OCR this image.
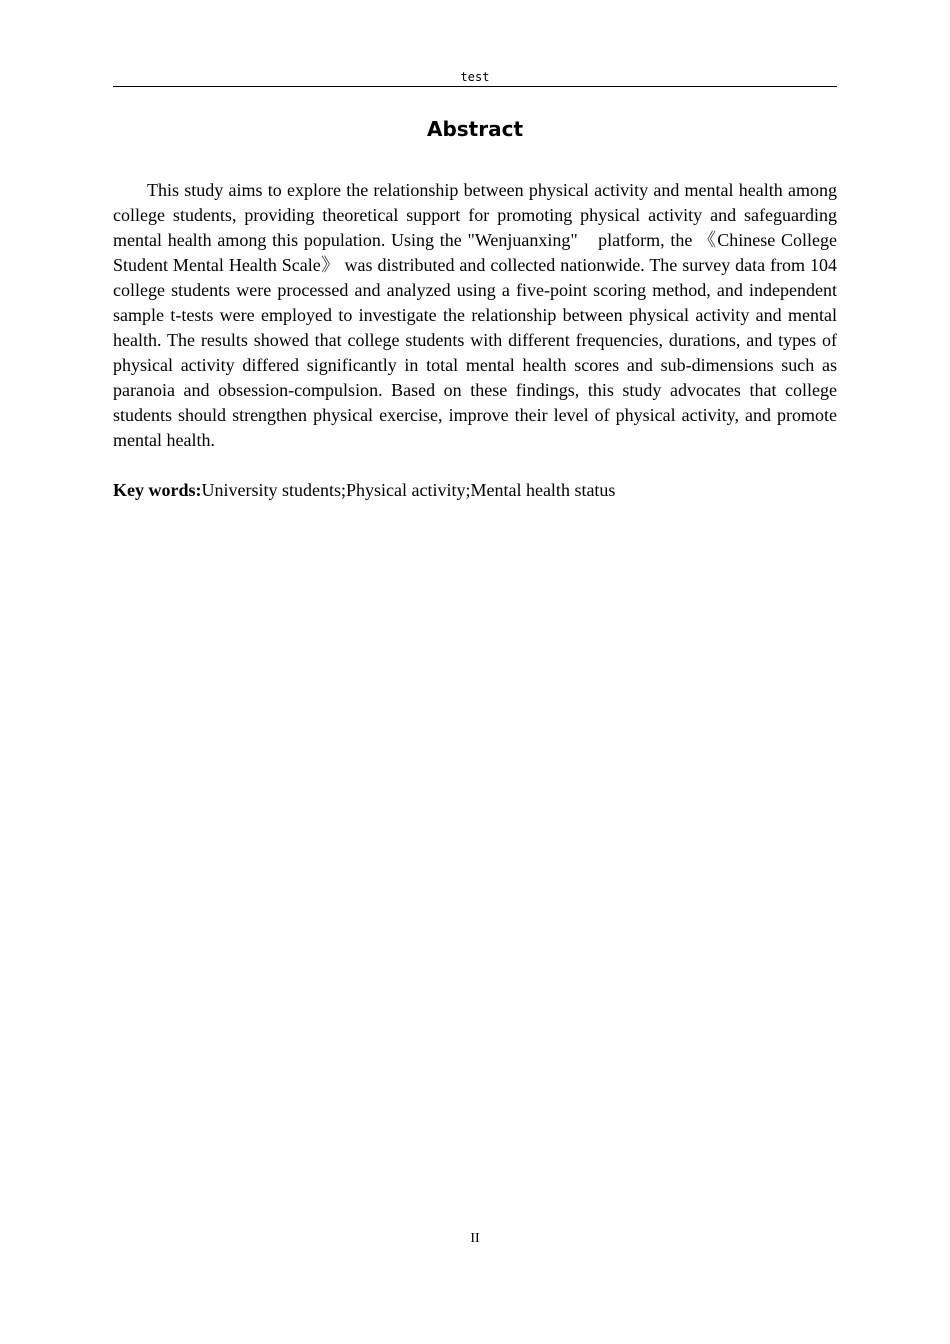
test
Abstract

This study aims to explore the relationship between physical activity and mental health among college students, providing theoretical support for promoting physical activity and safeguarding mental health among this population. Using the "Wenjuanxing"　platform, the 《Chinese College Student Mental Health Scale》 was distributed and collected nationwide. The survey data from 104 college students were processed and analyzed using a five-point scoring method, and independent sample t-tests were employed to investigate the relationship between physical activity and mental health. The results showed that college students with different frequencies, durations, and types of physical activity differed significantly in total mental health scores and sub-dimensions such as paranoia and obsession-compulsion. Based on these findings, this study advocates that college students should strengthen physical exercise, improve their level of physical activity, and promote mental health.

Key words:University students;Physical activity;Mental health status

II
